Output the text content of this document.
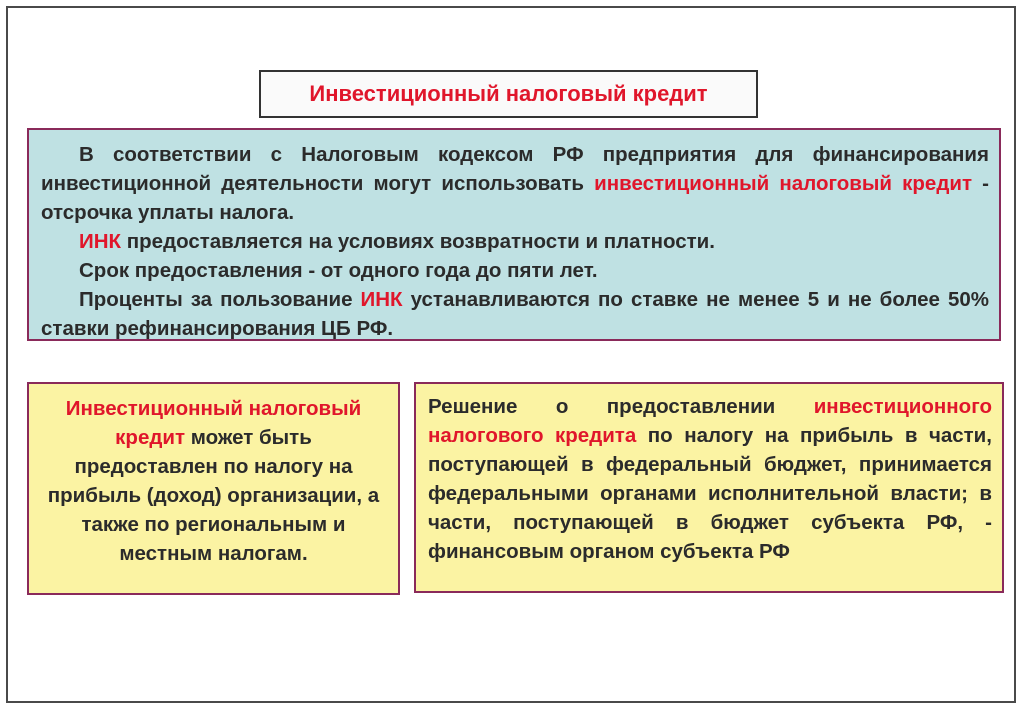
Инвестиционный налоговый кредит

В соответствии с Налоговым кодексом РФ предприятия для финансирования инвестиционной деятельности могут использовать инвестиционный налоговый кредит - отсрочка уплаты налога.

ИНК предоставляется на условиях возвратности и платности.

Срок предоставления - от одного года до пяти лет.

Проценты за пользование ИНК устанавливаются по ставке не менее 5 и не более 50% ставки рефинансирования ЦБ РФ.

Инвестиционный налоговый кредит может быть предоставлен по налогу на прибыль (доход) организации, а также по региональным и местным налогам.
Решение о предоставлении инвестиционного налогового кредита по налогу на прибыль в части, поступающей в федеральный бюджет, принимается федеральными органами исполнительной власти; в части, поступающей в бюджет субъекта РФ, - финансовым органом субъекта РФ
